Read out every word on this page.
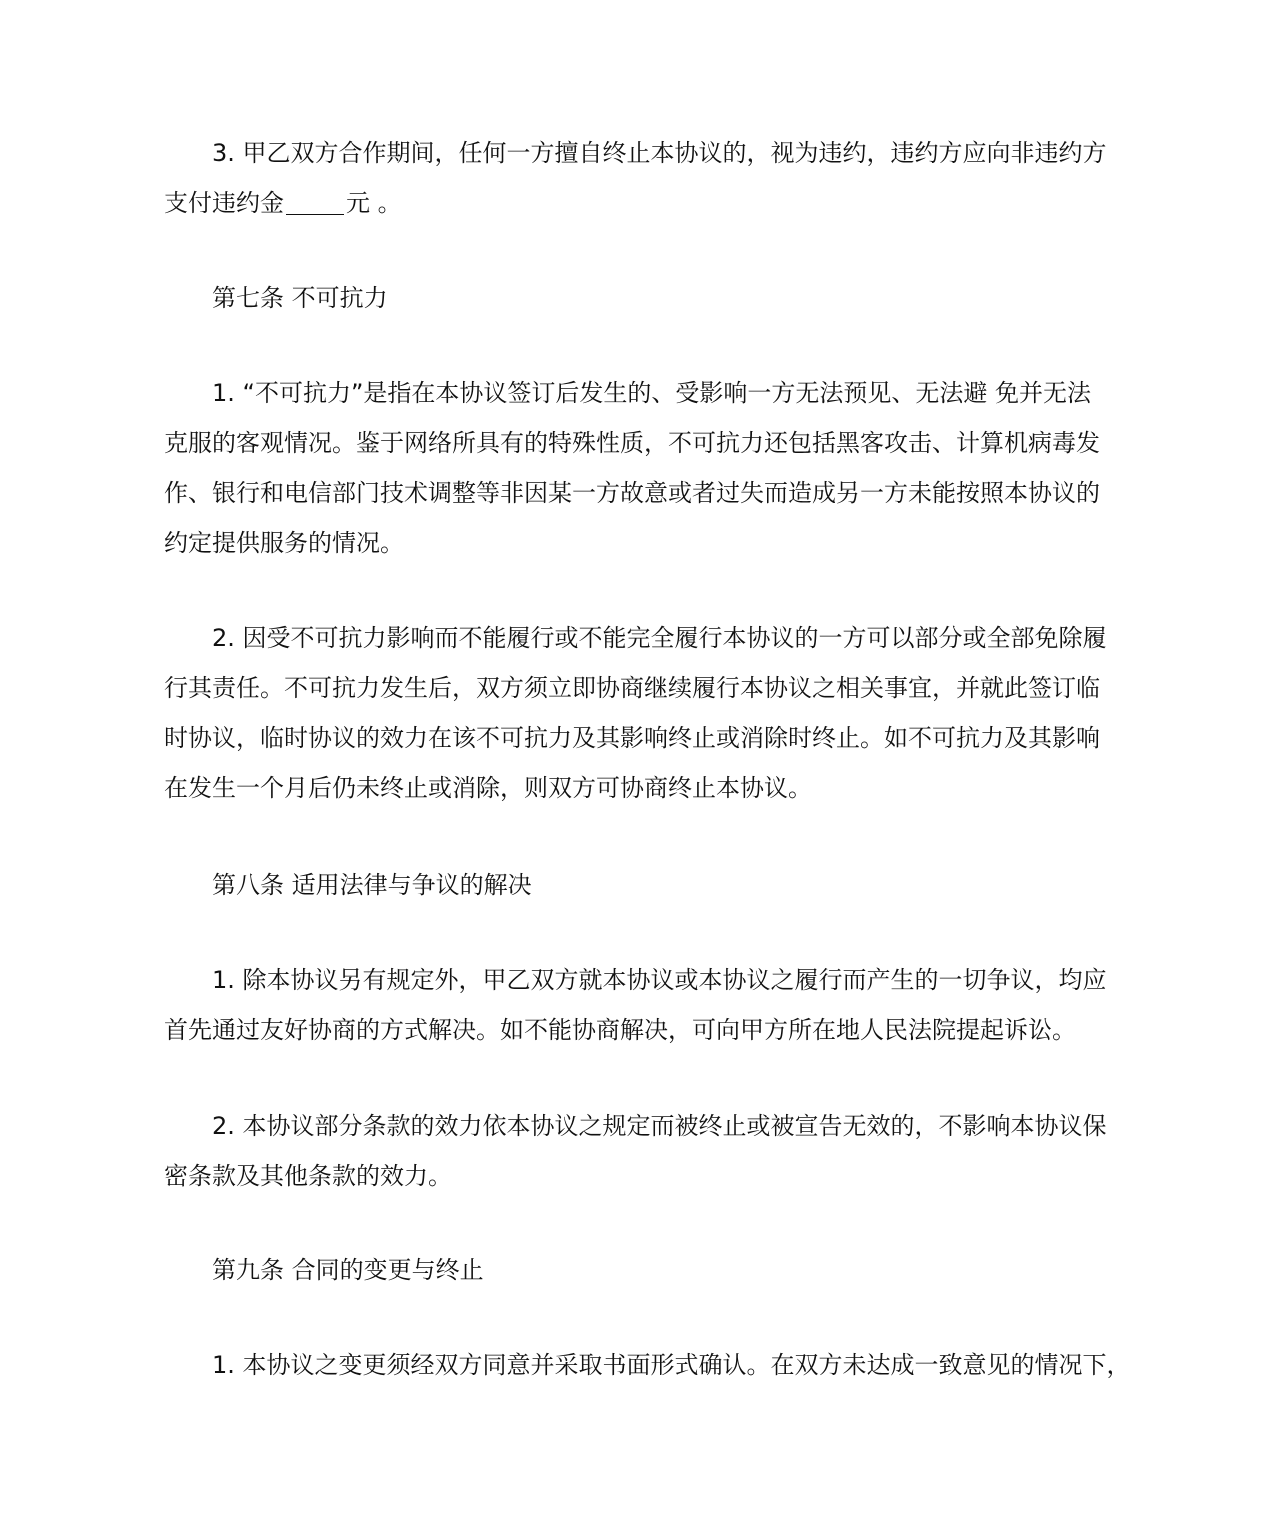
3. 甲乙双方合作期间，任何一方擅自终止本协议的，视为违约，违约方应向非违约方
支付违约金	元 。
第七条 不可抗力
1. “不可抗力”是指在本协议签订后发生的、受影响一方无法预见、无法避 免并无法
克服的客观情况。鉴于网络所具有的特殊性质，不可抗力还包括黑客攻击、计算机病毒发
作、银行和电信部门技术调整等非因某一方故意或者过失而造成另一方未能按照本协议的
约定提供服务的情况。
2. 因受不可抗力影响而不能履行或不能完全履行本协议的一方可以部分或全部免除履
行其责任。不可抗力发生后，双方须立即协商继续履行本协议之相关事宜，并就此签订临
时协议，临时协议的效力在该不可抗力及其影响终止或消除时终止。如不可抗力及其影响
在发生一个月后仍未终止或消除，则双方可协商终止本协议。
第八条 适用法律与争议的解决
1. 除本协议另有规定外，甲乙双方就本协议或本协议之履行而产生的一切争议，均应
首先通过友好协商的方式解决。如不能协商解决，可向甲方所在地人民法院提起诉讼。
2. 本协议部分条款的效力依本协议之规定而被终止或被宣告无效的，不影响本协议保
密条款及其他条款的效力。
第九条 合同的变更与终止
1. 本协议之变更须经双方同意并采取书面形式确认。在双方未达成一致意见的情况下，
